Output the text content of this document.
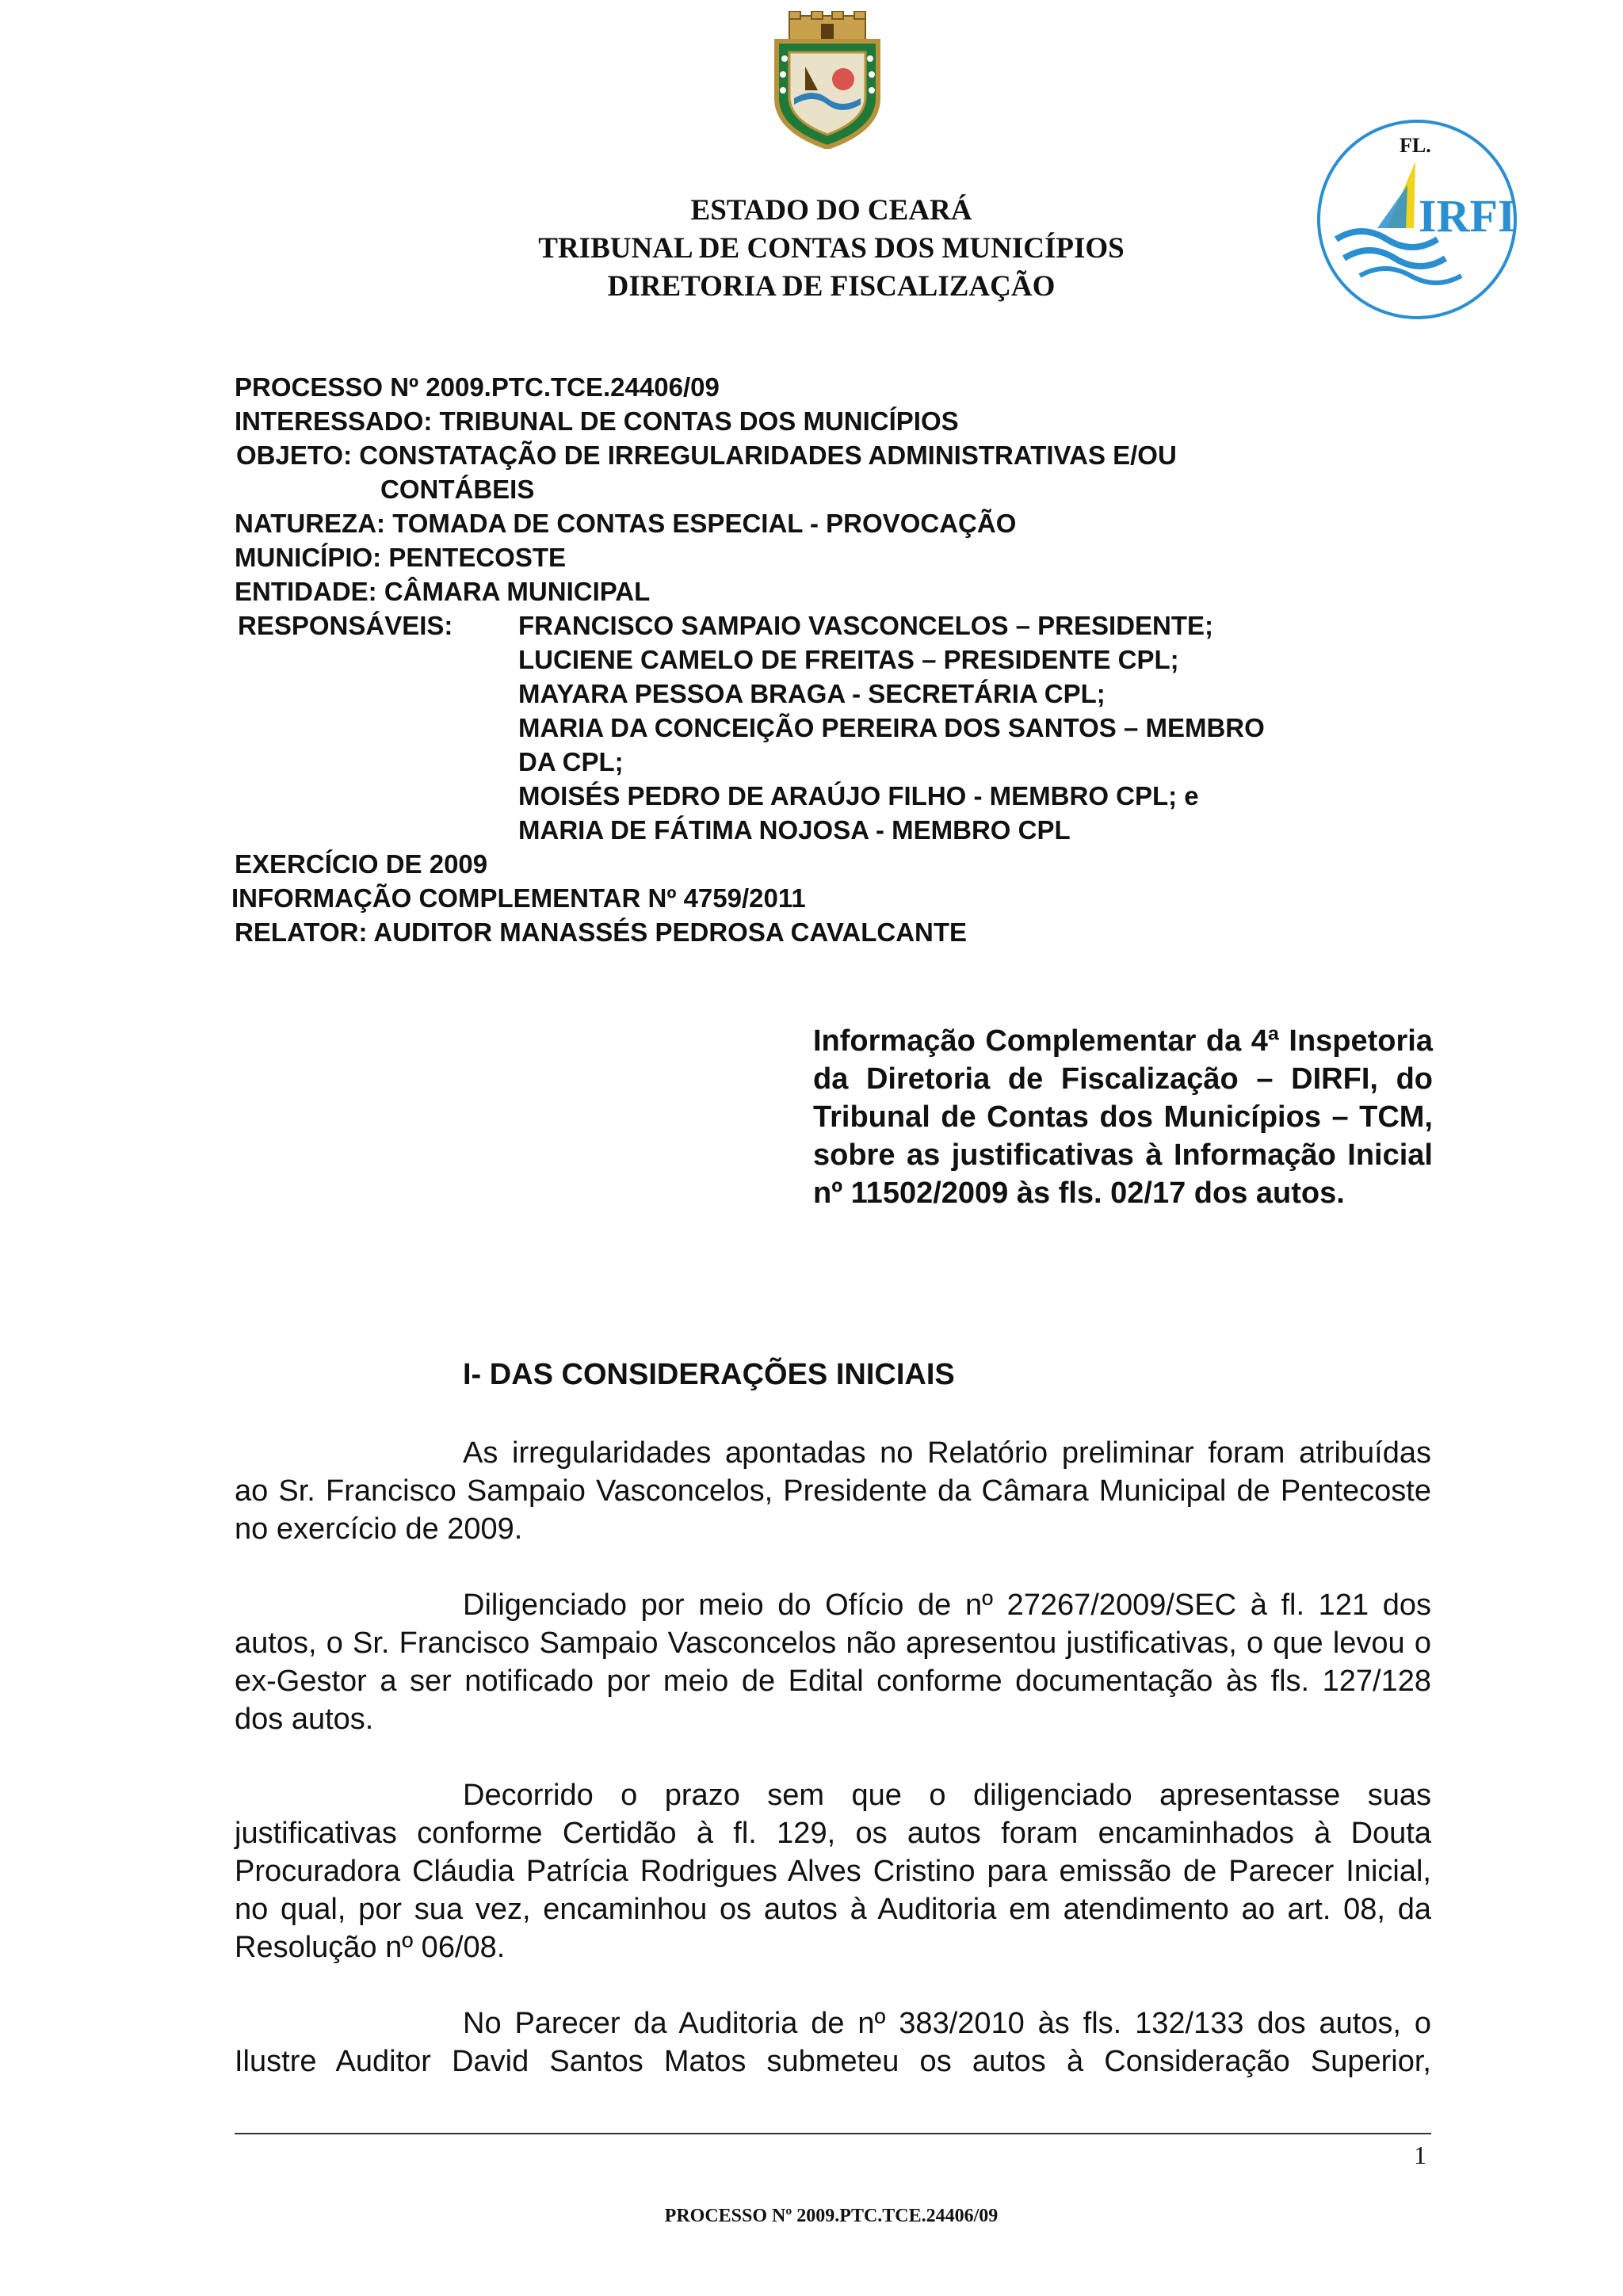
FL.
IRFI
ESTADO DO CEARÁ
TRIBUNAL DE CONTAS DOS MUNICÍPIOS
DIRETORIA DE FISCALIZAÇÃO
PROCESSO Nº 2009.PTC.TCE.24406/09
INTERESSADO: TRIBUNAL DE CONTAS DOS MUNICÍPIOS
OBJETO: CONSTATAÇÃO DE IRREGULARIDADES ADMINISTRATIVAS E/OU
CONTÁBEIS
NATUREZA: TOMADA DE CONTAS ESPECIAL - PROVOCAÇÃO
MUNICÍPIO: PENTECOSTE
ENTIDADE: CÂMARA MUNICIPAL
RESPONSÁVEIS:	FRANCISCO SAMPAIO VASCONCELOS – PRESIDENTE;
LUCIENE CAMELO DE FREITAS – PRESIDENTE CPL;
MAYARA PESSOA BRAGA - SECRETÁRIA CPL;
MARIA DA CONCEIÇÃO PEREIRA DOS SANTOS – MEMBRO
DA CPL;
MOISÉS PEDRO DE ARAÚJO FILHO - MEMBRO CPL; e
MARIA DE FÁTIMA NOJOSA - MEMBRO CPL
EXERCÍCIO DE 2009
INFORMAÇÃO COMPLEMENTAR Nº 4759/2011
RELATOR: AUDITOR MANASSÉS PEDROSA CAVALCANTE
Informação Complementar da 4ª Inspetoria da Diretoria de Fiscalização – DIRFI, do Tribunal de Contas dos Municípios – TCM, sobre as justificativas à Informação Inicial nº 11502/2009 às fls. 02/17 dos autos.
I- DAS CONSIDERAÇÕES INICIAIS
As irregularidades apontadas no Relatório preliminar foram atribuídas ao Sr. Francisco Sampaio Vasconcelos, Presidente da Câmara Municipal de Pentecoste no exercício de 2009.
Diligenciado por meio do Ofício de nº 27267/2009/SEC à fl. 121 dos autos, o Sr. Francisco Sampaio Vasconcelos não apresentou justificativas, o que levou o ex-Gestor a ser notificado por meio de Edital conforme documentação às fls. 127/128 dos autos.
Decorrido o prazo sem que o diligenciado apresentasse suas justificativas conforme Certidão à fl. 129, os autos foram encaminhados à Douta Procuradora Cláudia Patrícia Rodrigues Alves Cristino para emissão de Parecer Inicial, no qual, por sua vez, encaminhou os autos à Auditoria em atendimento ao art. 08, da Resolução nº 06/08.
No Parecer da Auditoria de nº 383/2010 às fls. 132/133 dos autos, o Ilustre Auditor David Santos Matos submeteu os autos à Consideração Superior,
1
PROCESSO Nº 2009.PTC.TCE.24406/09
